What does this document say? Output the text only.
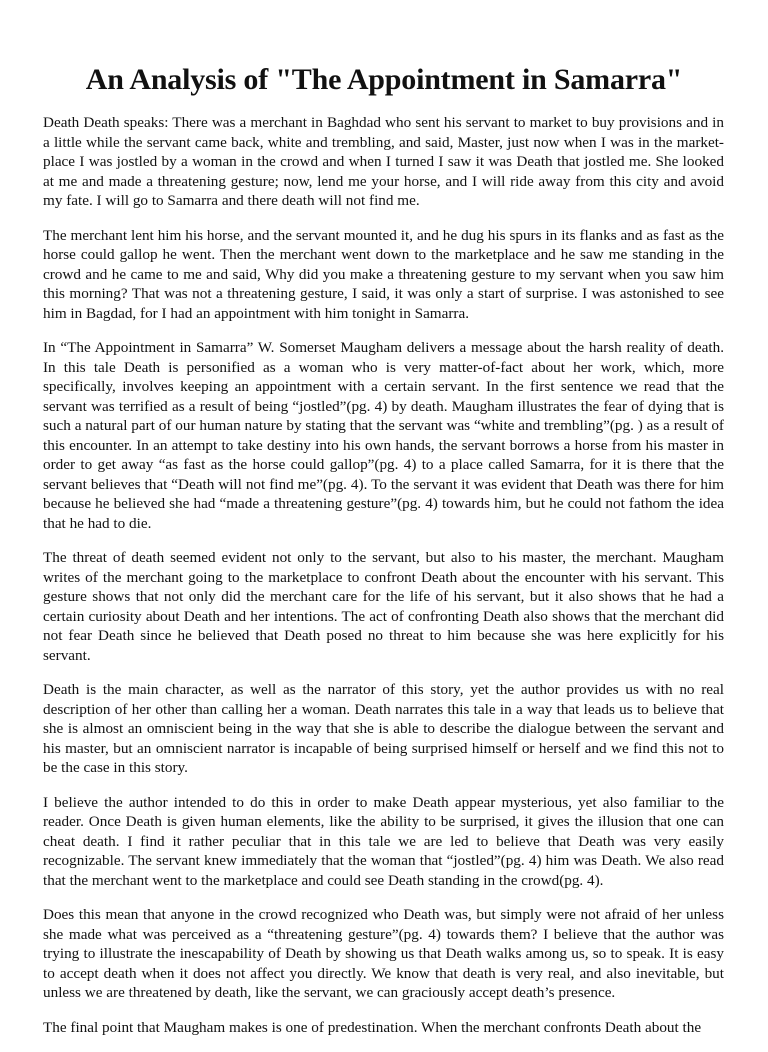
An Analysis of "The Appointment in Samarra"

Death Death speaks: There was a merchant in Baghdad who sent his servant to market to buy provisions and in a little while the servant came back, white and trembling, and said, Master, just now when I was in the market-place I was jostled by a woman in the crowd and when I turned I saw it was Death that jostled me. She looked at me and made a threatening gesture; now, lend me your horse, and I will ride away from this city and avoid my fate. I will go to Samarra and there death will not find me.

The merchant lent him his horse, and the servant mounted it, and he dug his spurs in its flanks and as fast as the horse could gallop he went. Then the merchant went down to the marketplace and he saw me standing in the crowd and he came to me and said, Why did you make a threatening gesture to my servant when you saw him this morning? That was not a threatening gesture, I said, it was only a start of surprise. I was astonished to see him in Bagdad, for I had an appointment with him tonight in Samarra.

In “The Appointment in Samarra” W. Somerset Maugham delivers a message about the harsh reality of death. In this tale Death is personified as a woman who is very matter-of-fact about her work, which, more specifically, involves keeping an appointment with a certain servant. In the first sentence we read that the servant was terrified as a result of being “jostled”(pg. 4) by death. Maugham illustrates the fear of dying that is such a natural part of our human nature by stating that the servant was “white and trembling”(pg. ) as a result of this encounter. In an attempt to take destiny into his own hands, the servant borrows a horse from his master in order to get away “as fast as the horse could gallop”(pg. 4) to a place called Samarra, for it is there that the servant believes that “Death will not find me”(pg. 4). To the servant it was evident that Death was there for him because he believed she had “made a threatening gesture”(pg. 4) towards him, but he could not fathom the idea that he had to die.

The threat of death seemed evident not only to the servant, but also to his master, the merchant. Maugham writes of the merchant going to the marketplace to confront Death about the encounter with his servant. This gesture shows that not only did the merchant care for the life of his servant, but it also shows that he had a certain curiosity about Death and her intentions. The act of confronting Death also shows that the merchant did not fear Death since he believed that Death posed no threat to him because she was here explicitly for his servant.

Death is the main character, as well as the narrator of this story, yet the author provides us with no real description of her other than calling her a woman. Death narrates this tale in a way that leads us to believe that she is almost an omniscient being in the way that she is able to describe the dialogue between the servant and his master, but an omniscient narrator is incapable of being surprised himself or herself and we find this not to be the case in this story.

I believe the author intended to do this in order to make Death appear mysterious, yet also familiar to the reader. Once Death is given human elements, like the ability to be surprised, it gives the illusion that one can cheat death. I find it rather peculiar that in this tale we are led to believe that Death was very easily recognizable. The servant knew immediately that the woman that “jostled”(pg. 4) him was Death. We also read that the merchant went to the marketplace and could see Death standing in the crowd(pg. 4).

Does this mean that anyone in the crowd recognized who Death was, but simply were not afraid of her unless she made what was perceived as a “threatening gesture”(pg. 4) towards them? I believe that the author was trying to illustrate the inescapability of Death by showing us that Death walks among us, so to speak. It is easy to accept death when it does not affect you directly. We know that death is very real, and also inevitable, but unless we are threatened by death, like the servant, we can graciously accept death’s presence.

The final point that Maugham makes is one of predestination. When the merchant confronts Death about the
